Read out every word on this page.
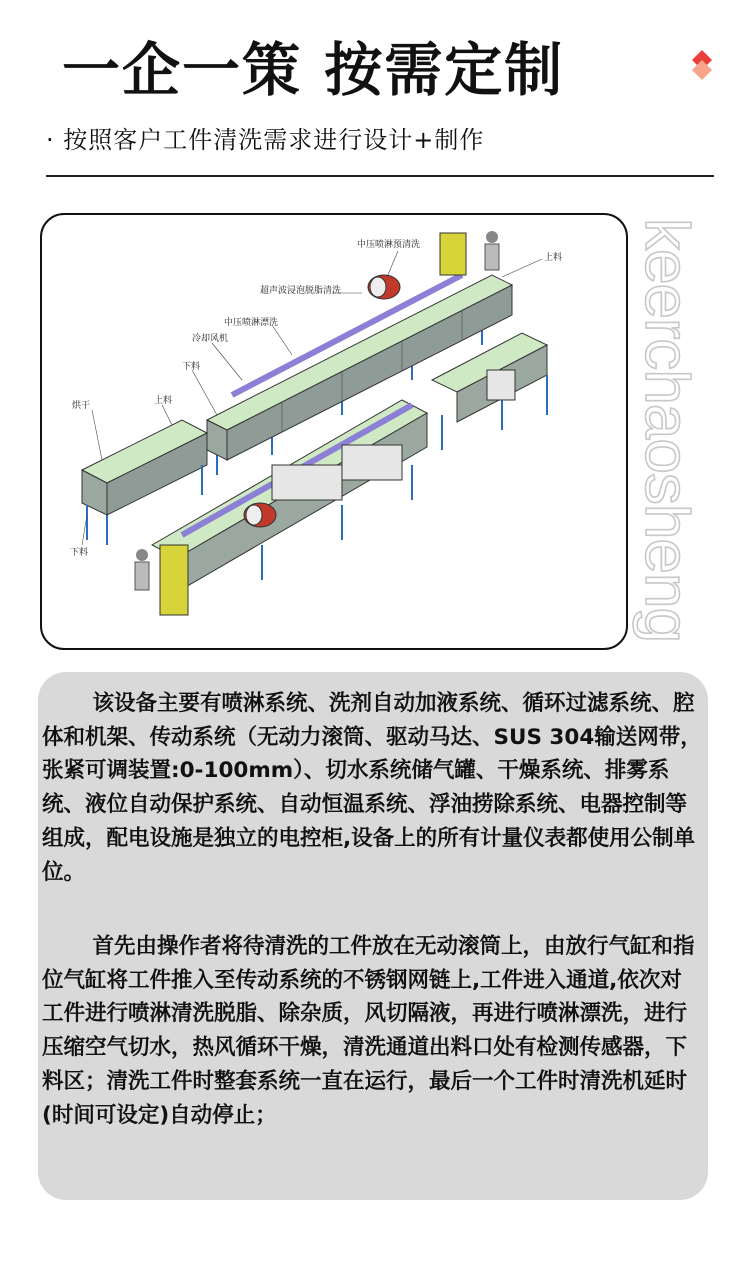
一企一策 按需定制
· 按照客户工件清洗需求进行设计+制作
中压喷淋预清洗
上料
超声波浸泡脱脂清洗
中压喷淋漂洗
冷却风机
下料
烘干	上料
下料	keerchaosheng
该设备主要有喷淋系统、洗剂自动加液系统、循环过滤系统、腔体和机架、传动系统（无动力滚筒、驱动马达、SUS 304输送网带，张紧可调装置:0-100mm）、切水系统储气罐、干燥系统、排雾系统、液位自动保护系统、自动恒温系统、浮油捞除系统、电器控制等组成，配电设施是独立的电控柜,设备上的所有计量仪表都使用公制单位。
首先由操作者将待清洗的工件放在无动滚筒上，由放行气缸和指位气缸将工件推入至传动系统的不锈钢网链上,工件进入通道,依次对工件进行喷淋清洗脱脂、除杂质，风切隔液，再进行喷淋漂洗，进行压缩空气切水，热风循环干燥，清洗通道出料口处有检测传感器，下料区；清洗工件时整套系统一直在运行，最后一个工件时清洗机延时(时间可设定)自动停止；
